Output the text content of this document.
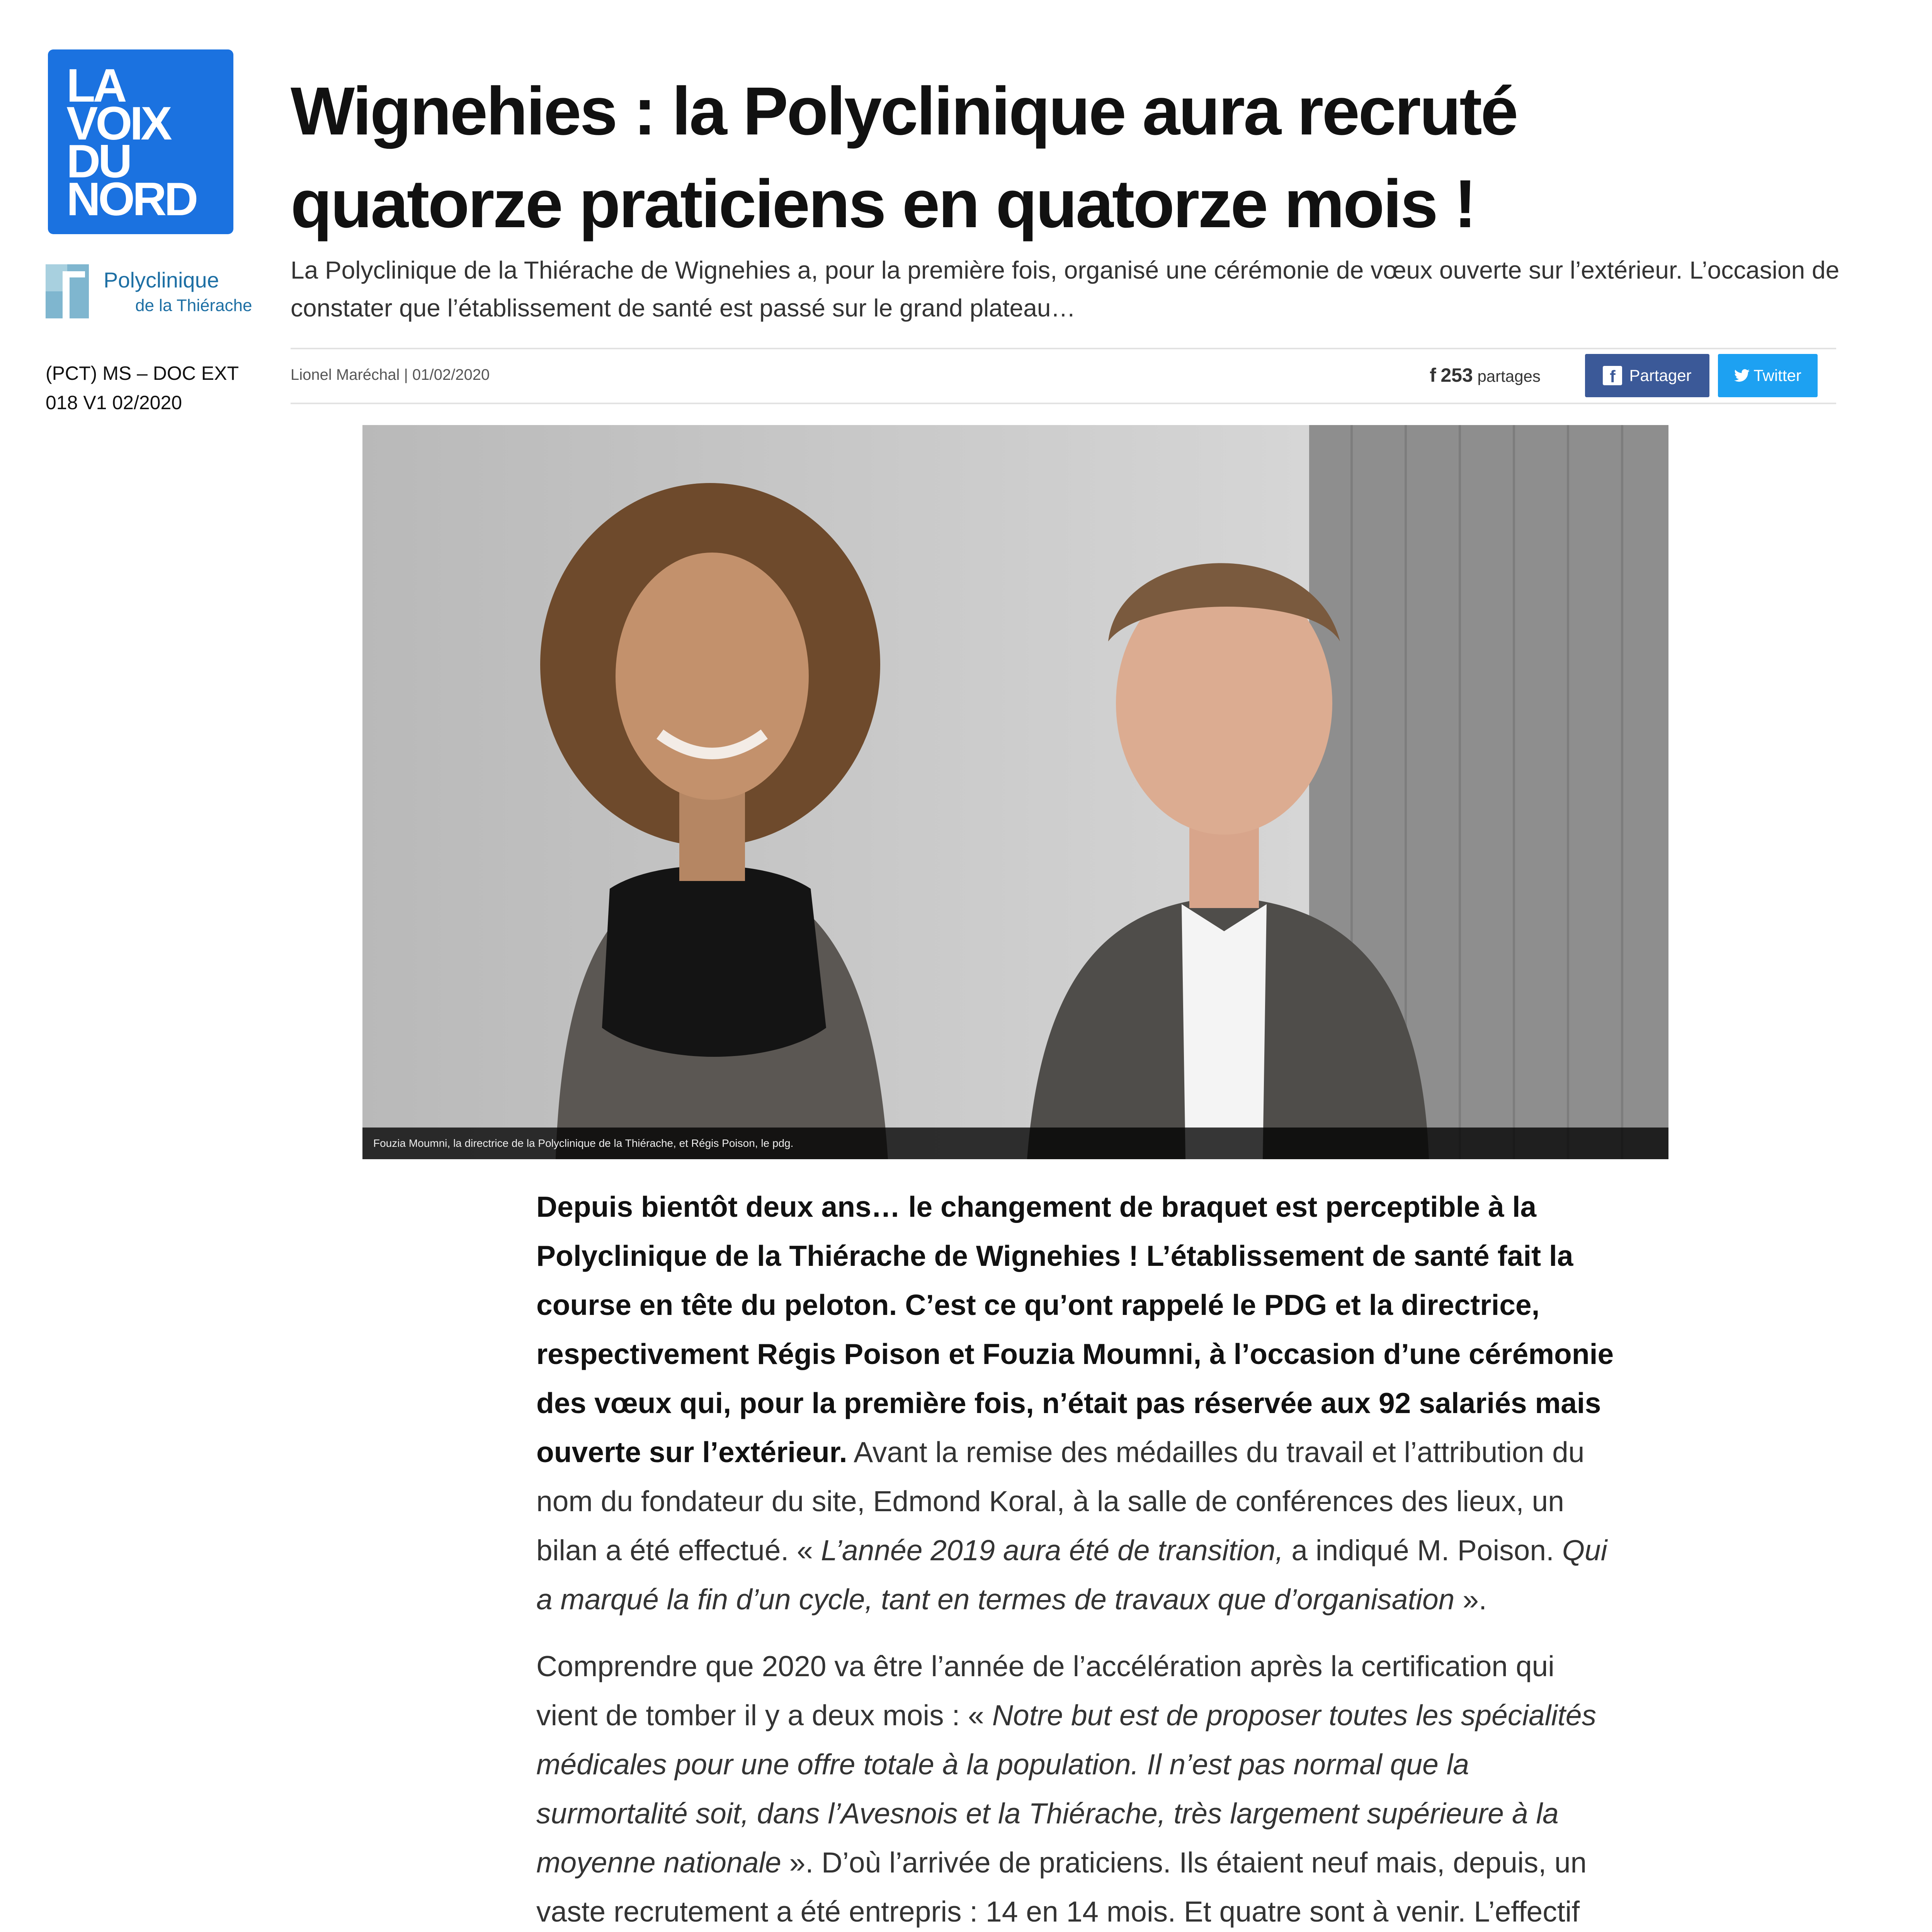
LA
VOIX
DU
NORD
Polyclinique
de la Thiérache
(PCT) MS – DOC EXT 018 V1 02/2020
Wignehies : la Polyclinique aura recruté quatorze praticiens en quatorze mois !
La Polyclinique de la Thiérache de Wignehies a, pour la première fois, organisé une cérémonie de vœux ouverte sur l’extérieur. L’occasion de constater que l’établissement de santé est passé sur le grand plateau…
Lionel Maréchal | 01/02/2020	f 253 partages	f Partager	Twitter
Fouzia Moumni, la directrice de la Polyclinique de la Thiérache, et Régis Poison, le pdg.

Depuis bientôt deux ans… le changement de braquet est perceptible à la Polyclinique de la Thiérache de Wignehies ! L’établissement de santé fait la course en tête du peloton. C’est ce qu’ont rappelé le PDG et la directrice, respectivement Régis Poison et Fouzia Moumni, à l’occasion d’une cérémonie des vœux qui, pour la première fois, n’était pas réservée aux 92 salariés mais ouverte sur l’extérieur. Avant la remise des médailles du travail et l’attribution du nom du fondateur du site, Edmond Koral, à la salle de conférences des lieux, un bilan a été effectué. « L’année 2019 aura été de transition, a indiqué M. Poison. Qui a marqué la fin d’un cycle, tant en termes de travaux que d’organisation ».

Comprendre que 2020 va être l’année de l’accélération après la certification qui vient de tomber il y a deux mois : « Notre but est de proposer toutes les spécialités médicales pour une offre totale à la population. Il n’est pas normal que la surmortalité soit, dans l’Avesnois et la Thiérache, très largement supérieure à la moyenne nationale ». D’où l’arrivée de praticiens. Ils étaient neuf mais, depuis, un vaste recrutement a été entrepris : 14 en 14 mois. Et quatre sont à venir. L’effectif
